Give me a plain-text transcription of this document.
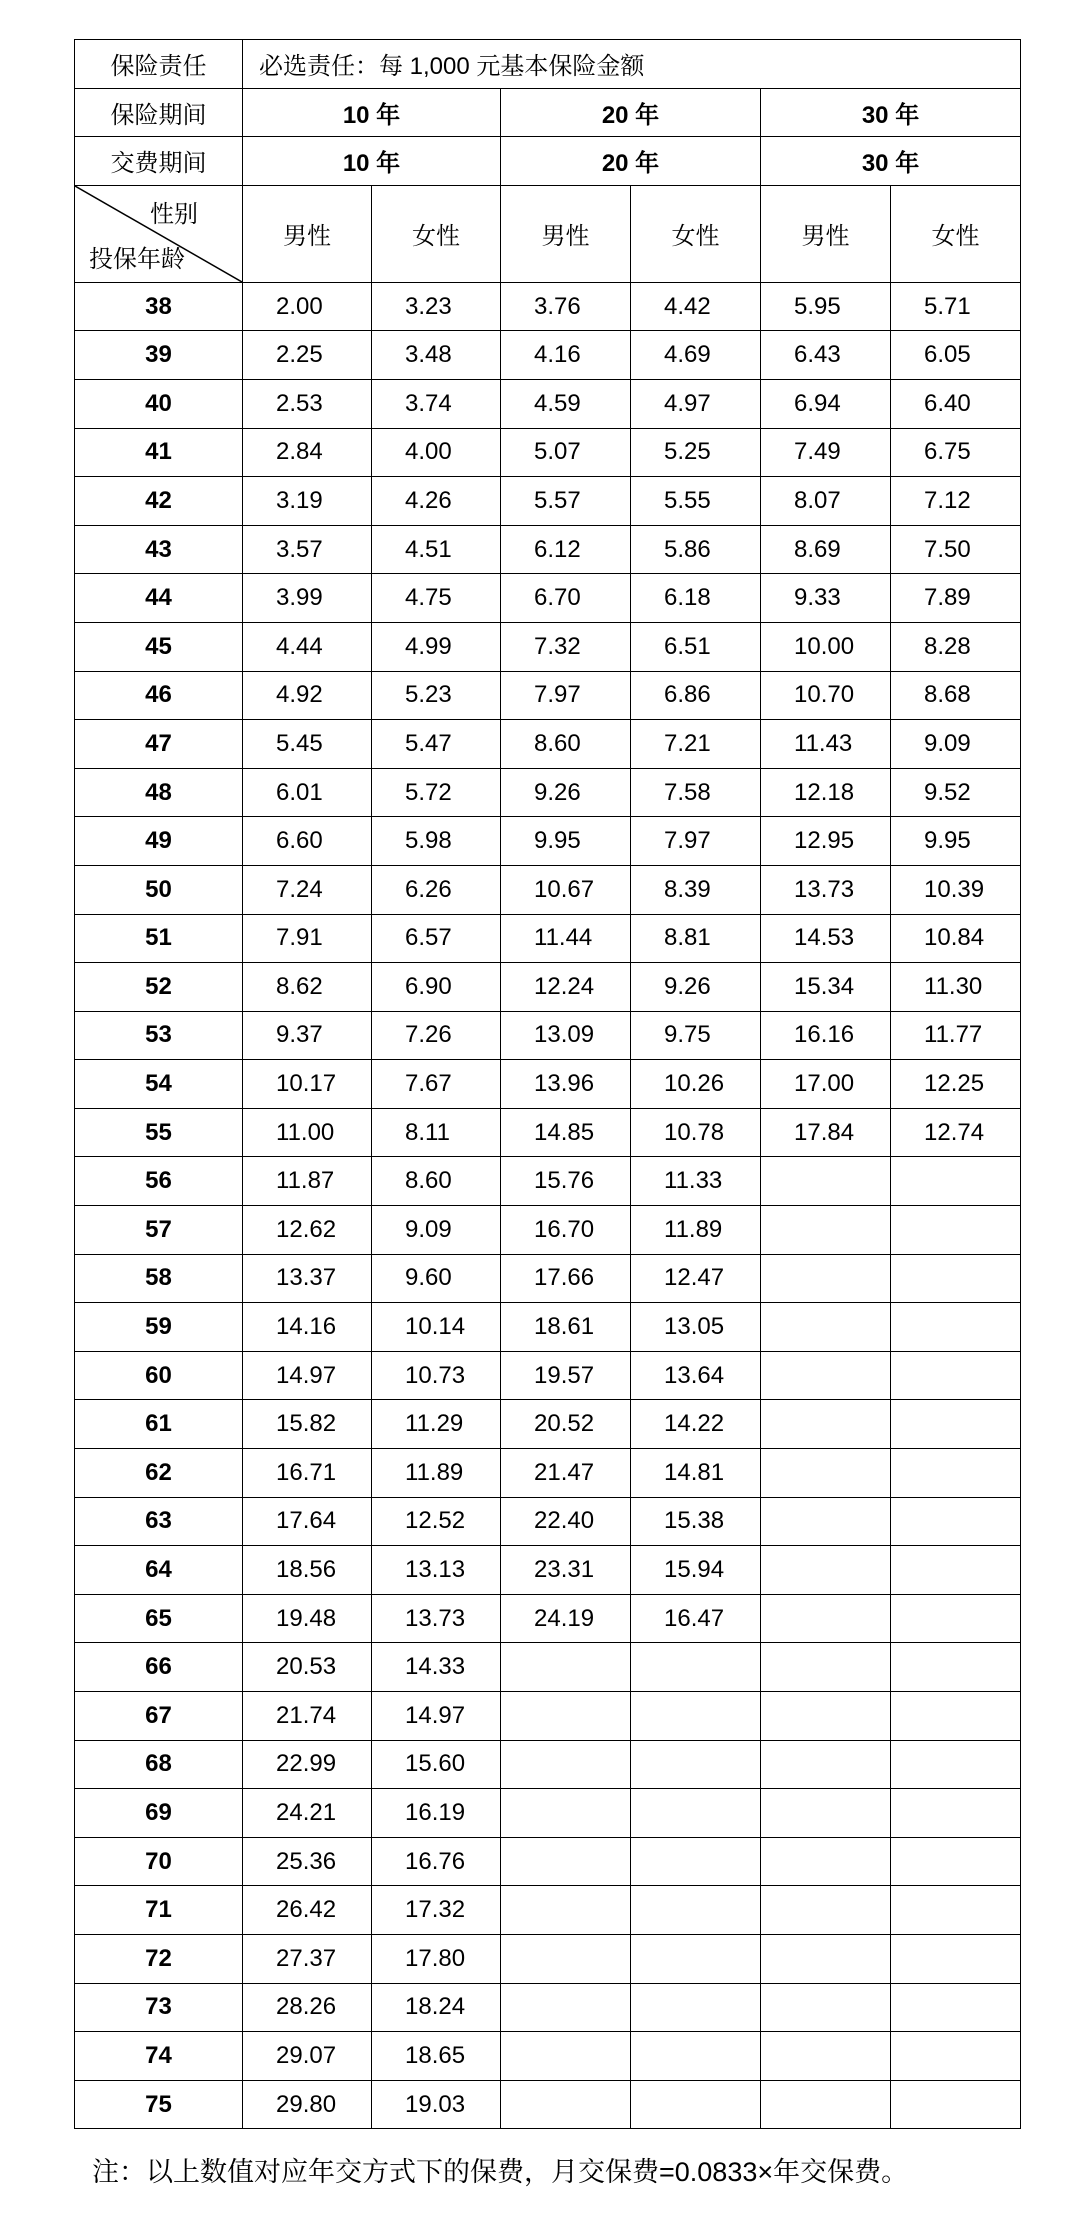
保险责任	必选责任：每 1,000 元基本保险金额					
保险期间	10 年		20 年		30 年	
交费期间	10 年		20 年		30 年	

性别
投保年龄	男性	女性	男性	女性	男性	女性
38	2.00	3.23	3.76	4.42	5.95	5.71
39	2.25	3.48	4.16	4.69	6.43	6.05
40	2.53	3.74	4.59	4.97	6.94	6.40
41	2.84	4.00	5.07	5.25	7.49	6.75
42	3.19	4.26	5.57	5.55	8.07	7.12
43	3.57	4.51	6.12	5.86	8.69	7.50
44	3.99	4.75	6.70	6.18	9.33	7.89
45	4.44	4.99	7.32	6.51	10.00	8.28
46	4.92	5.23	7.97	6.86	10.70	8.68
47	5.45	5.47	8.60	7.21	11.43	9.09
48	6.01	5.72	9.26	7.58	12.18	9.52
49	6.60	5.98	9.95	7.97	12.95	9.95
50	7.24	6.26	10.67	8.39	13.73	10.39
51	7.91	6.57	11.44	8.81	14.53	10.84
52	8.62	6.90	12.24	9.26	15.34	11.30
53	9.37	7.26	13.09	9.75	16.16	11.77
54	10.17	7.67	13.96	10.26	17.00	12.25
55	11.00	8.11	14.85	10.78	17.84	12.74
56	11.87	8.60	15.76	11.33		
57	12.62	9.09	16.70	11.89		
58	13.37	9.60	17.66	12.47		
59	14.16	10.14	18.61	13.05		
60	14.97	10.73	19.57	13.64		
61	15.82	11.29	20.52	14.22		
62	16.71	11.89	21.47	14.81		
63	17.64	12.52	22.40	15.38		
64	18.56	13.13	23.31	15.94		
65	19.48	13.73	24.19	16.47		
66	20.53	14.33				
67	21.74	14.97				
68	22.99	15.60				
69	24.21	16.19				
70	25.36	16.76				
71	26.42	17.32				
72	27.37	17.80				
73	28.26	18.24				
74	29.07	18.65				
75	29.80	19.03				
注：以上数值对应年交方式下的保费，月交保费=0.0833×年交保费。
